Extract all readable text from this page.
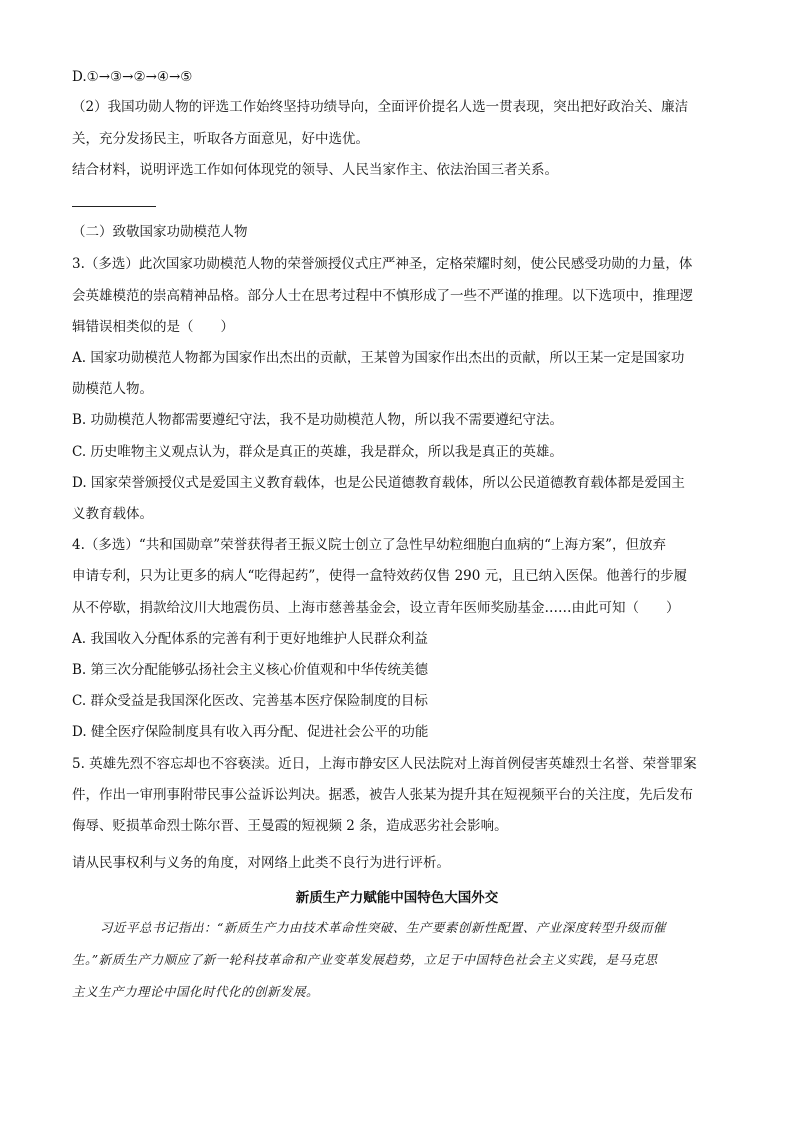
D.①→③→②→④→⑤
（2）我国功勋人物的评选工作始终坚持功绩导向，全面评价提名人选一贯表现，突出把好政治关、廉洁
关，充分发扬民主，听取各方面意见，好中选优。
结合材料，说明评选工作如何体现党的领导、人民当家作主、依法治国三者关系。
（二）致敬国家功勋模范人物
3.（多选）此次国家功勋模范人物的荣誉颁授仪式庄严神圣，定格荣耀时刻，使公民感受功勋的力量，体
会英雄模范的崇高精神品格。部分人士在思考过程中不慎形成了一些不严谨的推理。以下选项中，推理逻
辑错误相类似的是（　　）
A. 国家功勋模范人物都为国家作出杰出的贡献，王某曾为国家作出杰出的贡献，所以王某一定是国家功
勋模范人物。
B. 功勋模范人物都需要遵纪守法，我不是功勋模范人物，所以我不需要遵纪守法。
C. 历史唯物主义观点认为，群众是真正的英雄，我是群众，所以我是真正的英雄。
D. 国家荣誉颁授仪式是爱国主义教育载体，也是公民道德教育载体，所以公民道德教育载体都是爱国主
义教育载体。
4.（多选）“共和国勋章”荣誉获得者王振义院士创立了急性早幼粒细胞白血病的“上海方案”，但放弃
申请专利，只为让更多的病人“吃得起药”，使得一盒特效药仅售 290 元，且已纳入医保。他善行的步履
从不停歇，捐款给汶川大地震伤员、上海市慈善基金会，设立青年医师奖励基金……由此可知（　　）
A. 我国收入分配体系的完善有利于更好地维护人民群众利益
B. 第三次分配能够弘扬社会主义核心价值观和中华传统美德
C. 群众受益是我国深化医改、完善基本医疗保险制度的目标
D. 健全医疗保险制度具有收入再分配、促进社会公平的功能
5. 英雄先烈不容忘却也不容亵渎。近日，上海市静安区人民法院对上海首例侵害英雄烈士名誉、荣誉罪案
件，作出一审刑事附带民事公益诉讼判决。据悉，被告人张某为提升其在短视频平台的关注度，先后发布
侮辱、贬损革命烈士陈尔晋、王曼霞的短视频 2 条，造成恶劣社会影响。
请从民事权利与义务的角度，对网络上此类不良行为进行评析。
新质生产力赋能中国特色大国外交
习近平总书记指出：“新质生产力由技术革命性突破、生产要素创新性配置、产业深度转型升级而催
生。”新质生产力顺应了新一轮科技革命和产业变革发展趋势，立足于中国特色社会主义实践，是马克思
主义生产力理论中国化时代化的创新发展。
